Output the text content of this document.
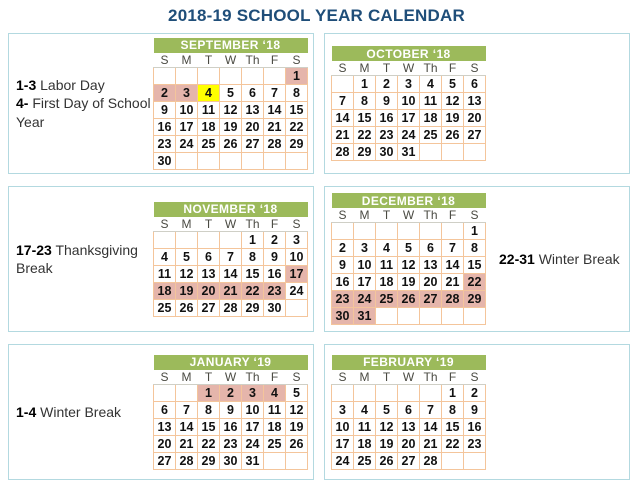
2018-19 SCHOOL YEAR CALENDAR
1-3 Labor Day
4- First Day of School Year
SEPTEMBER ‘18						
S	M	T	W	Th	F	S
						1
2	3	4	5	6	7	8
9	10	11	12	13	14	15
16	17	18	19	20	21	22
23	24	25	26	27	28	29
30						
OCTOBER ‘18						
S	M	T	W	Th	F	S
	1	2	3	4	5	6
7	8	9	10	11	12	13
14	15	16	17	18	19	20
21	22	23	24	25	26	27
28	29	30	31			
17-23 Thanksgiving Break
NOVEMBER ‘18						
S	M	T	W	Th	F	S
				1	2	3
4	5	6	7	8	9	10
11	12	13	14	15	16	17
18	19	20	21	22	23	24
25	26	27	28	29	30	
DECEMBER ‘18						
S	M	T	W	Th	F	S
						1
2	3	4	5	6	7	8
9	10	11	12	13	14	15
16	17	18	19	20	21	22
23	24	25	26	27	28	29
30	31					
22-31 Winter Break
1-4 Winter Break
JANUARY ‘19						
S	M	T	W	Th	F	S
		1	2	3	4	5
6	7	8	9	10	11	12
13	14	15	16	17	18	19
20	21	22	23	24	25	26
27	28	29	30	31		
FEBRUARY ‘19						
S	M	T	W	Th	F	S
					1	2
3	4	5	6	7	8	9
10	11	12	13	14	15	16
17	18	19	20	21	22	23
24	25	26	27	28		
